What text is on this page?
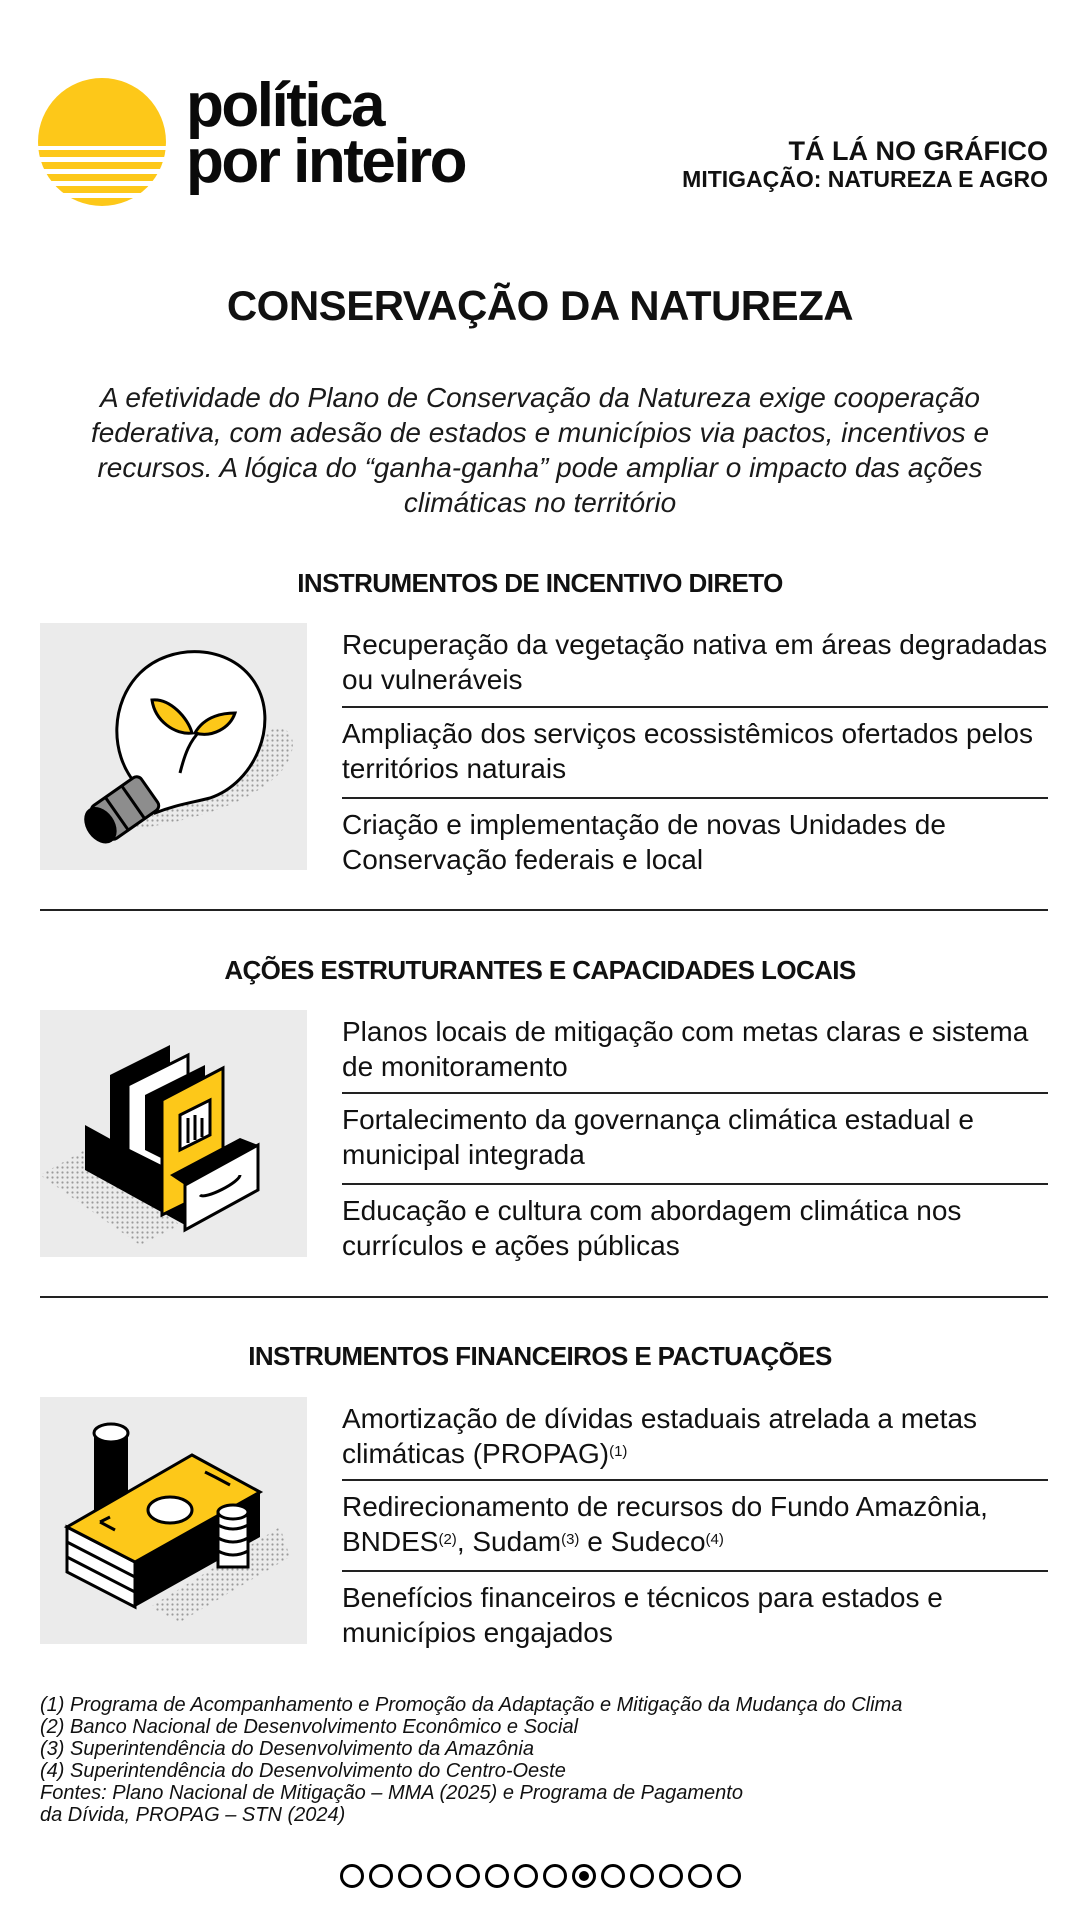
política
por inteiro	TÁ LÁ NO GRÁFICO
MITIGAÇÃO: NATUREZA E AGRO
CONSERVAÇÃO DA NATUREZA
A efetividade do Plano de Conservação da Natureza exige cooperação federativa, com adesão de estados e municípios via pactos, incentivos e recursos. A lógica do “ganha-ganha” pode ampliar o impacto das ações climáticas no território
INSTRUMENTOS DE INCENTIVO DIRETO
Recuperação da vegetação nativa em áreas degradadas ou vulneráveis
Ampliação dos serviços ecossistêmicos ofertados pelos territórios naturais
Criação e implementação de novas Unidades de Conservação federais e local
AÇÕES ESTRUTURANTES E CAPACIDADES LOCAIS
Planos locais de mitigação com metas claras e sistema de monitoramento
Fortalecimento da governança climática estadual e municipal integrada
Educação e cultura com abordagem climática nos currículos e ações públicas
INSTRUMENTOS FINANCEIROS E PACTUAÇÕES
Amortização de dívidas estaduais atrelada a metas climáticas (PROPAG)$^{(1)}$
Redirecionamento de recursos do Fundo Amazônia, BNDES$^{(2)}$, Sudam$^{(3)}$ e Sudeco$^{(4)}$
Benefícios financeiros e técnicos para estados e municípios engajados
(1) Programa de Acompanhamento e Promoção da Adaptação e Mitigação da Mudança do Clima
(2) Banco Nacional de Desenvolvimento Econômico e Social
(3) Superintendência do Desenvolvimento da Amazônia
(4) Superintendência do Desenvolvimento do Centro-Oeste
Fontes: Plano Nacional de Mitigação – MMA (2025) e Programa de Pagamento
da Dívida, PROPAG – STN (2024)
